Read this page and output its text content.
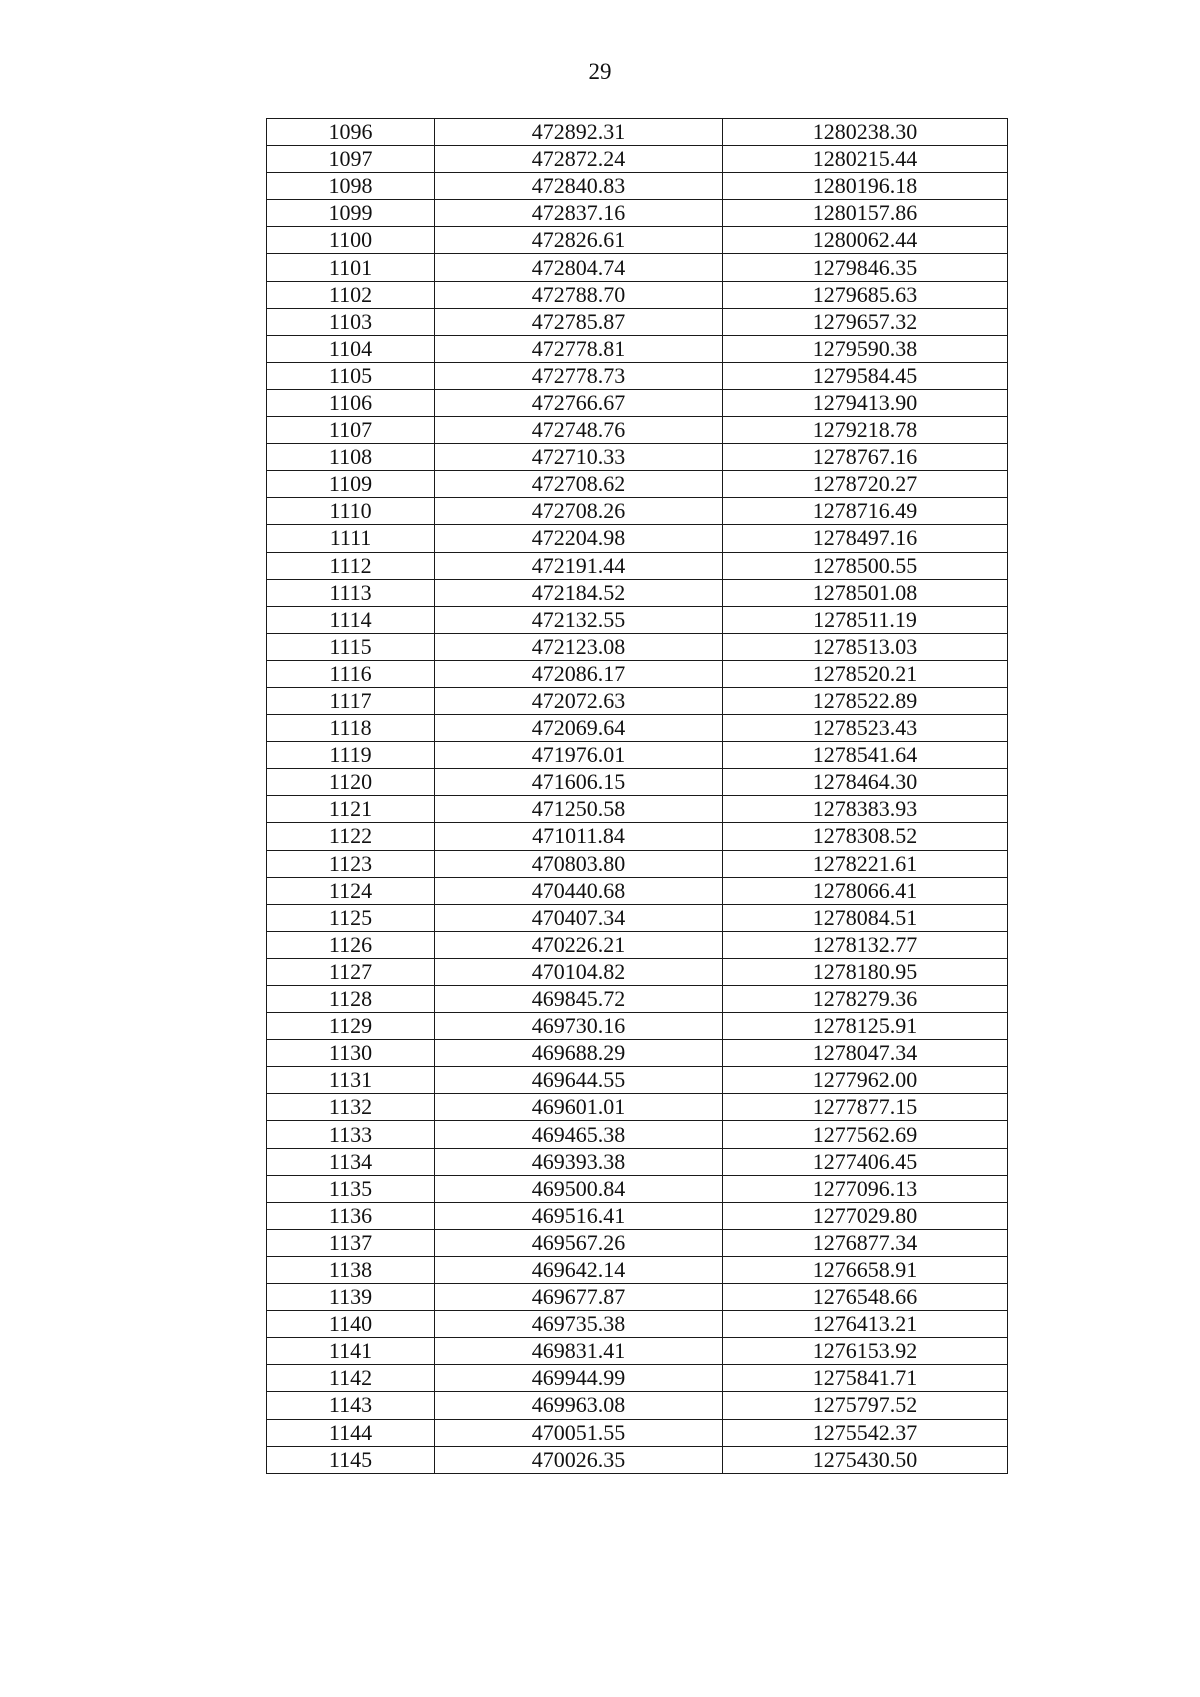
29
1096	472892.31	1280238.30
1097	472872.24	1280215.44
1098	472840.83	1280196.18
1099	472837.16	1280157.86
1100	472826.61	1280062.44
1101	472804.74	1279846.35
1102	472788.70	1279685.63
1103	472785.87	1279657.32
1104	472778.81	1279590.38
1105	472778.73	1279584.45
1106	472766.67	1279413.90
1107	472748.76	1279218.78
1108	472710.33	1278767.16
1109	472708.62	1278720.27
1110	472708.26	1278716.49
1111	472204.98	1278497.16
1112	472191.44	1278500.55
1113	472184.52	1278501.08
1114	472132.55	1278511.19
1115	472123.08	1278513.03
1116	472086.17	1278520.21
1117	472072.63	1278522.89
1118	472069.64	1278523.43
1119	471976.01	1278541.64
1120	471606.15	1278464.30
1121	471250.58	1278383.93
1122	471011.84	1278308.52
1123	470803.80	1278221.61
1124	470440.68	1278066.41
1125	470407.34	1278084.51
1126	470226.21	1278132.77
1127	470104.82	1278180.95
1128	469845.72	1278279.36
1129	469730.16	1278125.91
1130	469688.29	1278047.34
1131	469644.55	1277962.00
1132	469601.01	1277877.15
1133	469465.38	1277562.69
1134	469393.38	1277406.45
1135	469500.84	1277096.13
1136	469516.41	1277029.80
1137	469567.26	1276877.34
1138	469642.14	1276658.91
1139	469677.87	1276548.66
1140	469735.38	1276413.21
1141	469831.41	1276153.92
1142	469944.99	1275841.71
1143	469963.08	1275797.52
1144	470051.55	1275542.37
1145	470026.35	1275430.50
